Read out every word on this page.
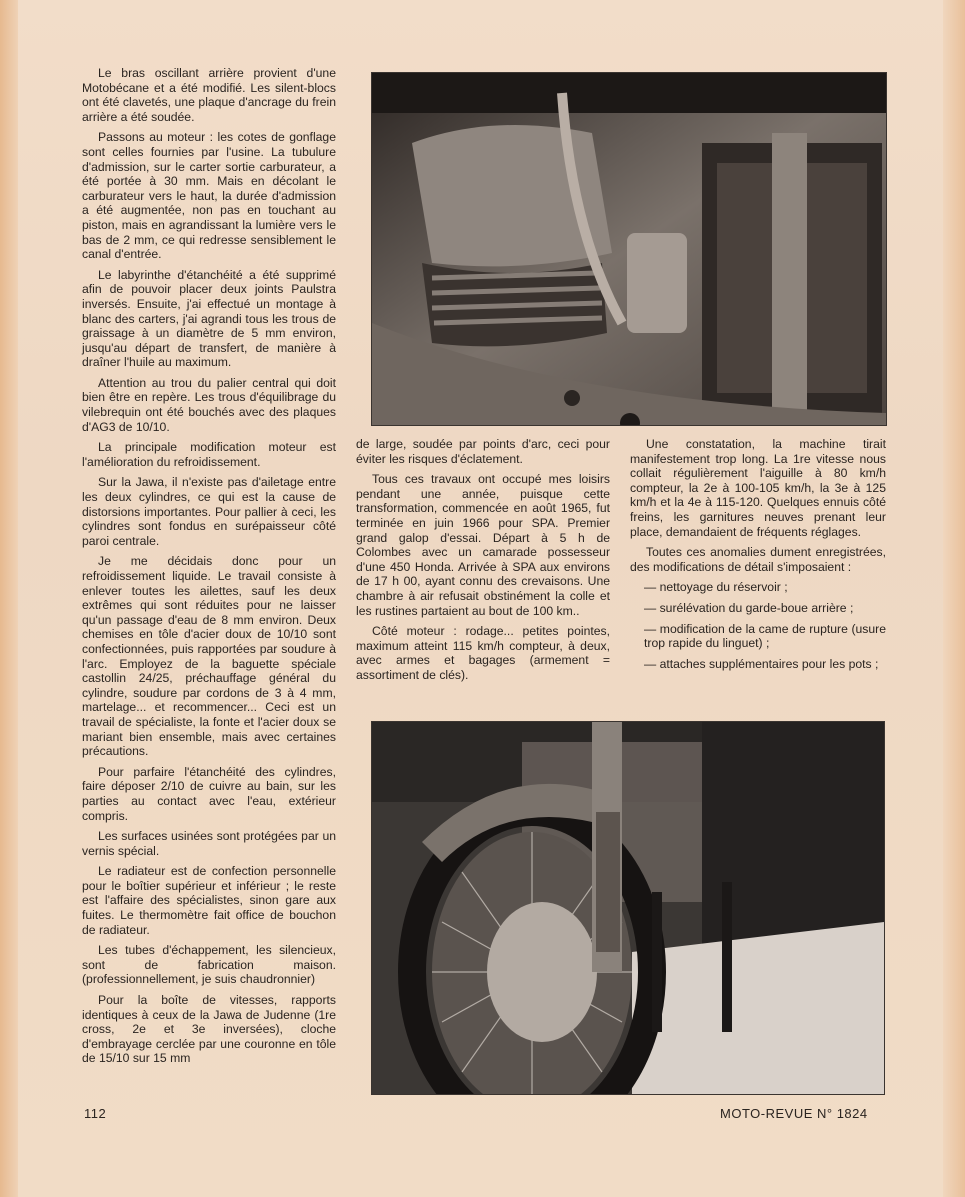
Le bras oscillant arrière provient d'une Motobécane et a été modifié. Les silent-blocs ont été clavetés, une plaque d'ancrage du frein arrière a été soudée.

Passons au moteur : les cotes de gonflage sont celles fournies par l'usine. La tubulure d'admission, sur le carter sortie carburateur, a été portée à 30 mm. Mais en décolant le carburateur vers le haut, la durée d'admission a été augmentée, non pas en touchant au piston, mais en agrandissant la lumière vers le bas de 2 mm, ce qui redresse sensiblement le canal d'entrée.

Le labyrinthe d'étanchéité a été supprimé afin de pouvoir placer deux joints Paulstra inversés. Ensuite, j'ai effectué un montage à blanc des carters, j'ai agrandi tous les trous de graissage à un diamètre de 5 mm environ, jusqu'au départ de transfert, de manière à draîner l'huile au maximum.

Attention au trou du palier central qui doit bien être en repère. Les trous d'équilibrage du vilebrequin ont été bouchés avec des plaques d'AG3 de 10/10.

La principale modification moteur est l'amélioration du refroidissement.

Sur la Jawa, il n'existe pas d'ailetage entre les deux cylindres, ce qui est la cause de distorsions importantes. Pour pallier à ceci, les cylindres sont fondus en surépaisseur côté paroi centrale.

Je me décidais donc pour un refroidissement liquide. Le travail consiste à enlever toutes les ailettes, sauf les deux extrêmes qui sont réduites pour ne laisser qu'un passage d'eau de 8 mm environ. Deux chemises en tôle d'acier doux de 10/10 sont confectionnées, puis rapportées par soudure à l'arc. Employez de la baguette spéciale castollin 24/25, préchauffage général du cylindre, soudure par cordons de 3 à 4 mm, martelage... et recommencer... Ceci est un travail de spécialiste, la fonte et l'acier doux se mariant bien ensemble, mais avec certaines précautions.

Pour parfaire l'étanchéité des cylindres, faire déposer 2/10 de cuivre au bain, sur les parties au contact avec l'eau, extérieur compris.

Les surfaces usinées sont protégées par un vernis spécial.

Le radiateur est de confection personnelle pour le boîtier supérieur et inférieur ; le reste est l'affaire des spécialistes, sinon gare aux fuites. Le thermomètre fait office de bouchon de radiateur.

Les tubes d'échappement, les silencieux, sont de fabrication maison. (professionnellement, je suis chaudronnier)

Pour la boîte de vitesses, rapports identiques à ceux de la Jawa de Judenne (1re cross, 2e et 3e inversées), cloche d'embrayage cerclée par une couronne en tôle de 15/10 sur 15 mm

de large, soudée par points d'arc, ceci pour éviter les risques d'éclatement.

Tous ces travaux ont occupé mes loisirs pendant une année, puisque cette transformation, commencée en août 1965, fut terminée en juin 1966 pour SPA. Premier grand galop d'essai. Départ à 5 h de Colombes avec un camarade possesseur d'une 450 Honda. Arrivée à SPA aux environs de 17 h 00, ayant connu des crevaisons. Une chambre à air refusait obstinément la colle et les rustines partaient au bout de 100 km..

Côté moteur : rodage... petites pointes, maximum atteint 115 km/h compteur, à deux, avec armes et bagages (armement = assortiment de clés).

Une constatation, la machine tirait manifestement trop long. La 1re vitesse nous collait régulièrement l'aiguille à 80 km/h compteur, la 2e à 100-105 km/h, la 3e à 125 km/h et la 4e à 115-120. Quelques ennuis côté freins, les garnitures neuves prenant leur place, demandaient de fréquents réglages.

Toutes ces anomalies dument enregistrées, des modifications de détail s'imposaient :

— nettoyage du réservoir ;

— surélévation du garde-boue arrière ;

— modification de la came de rupture (usure trop rapide du linguet) ;

— attaches supplémentaires pour les pots ;

112	MOTO-REVUE N° 1824
